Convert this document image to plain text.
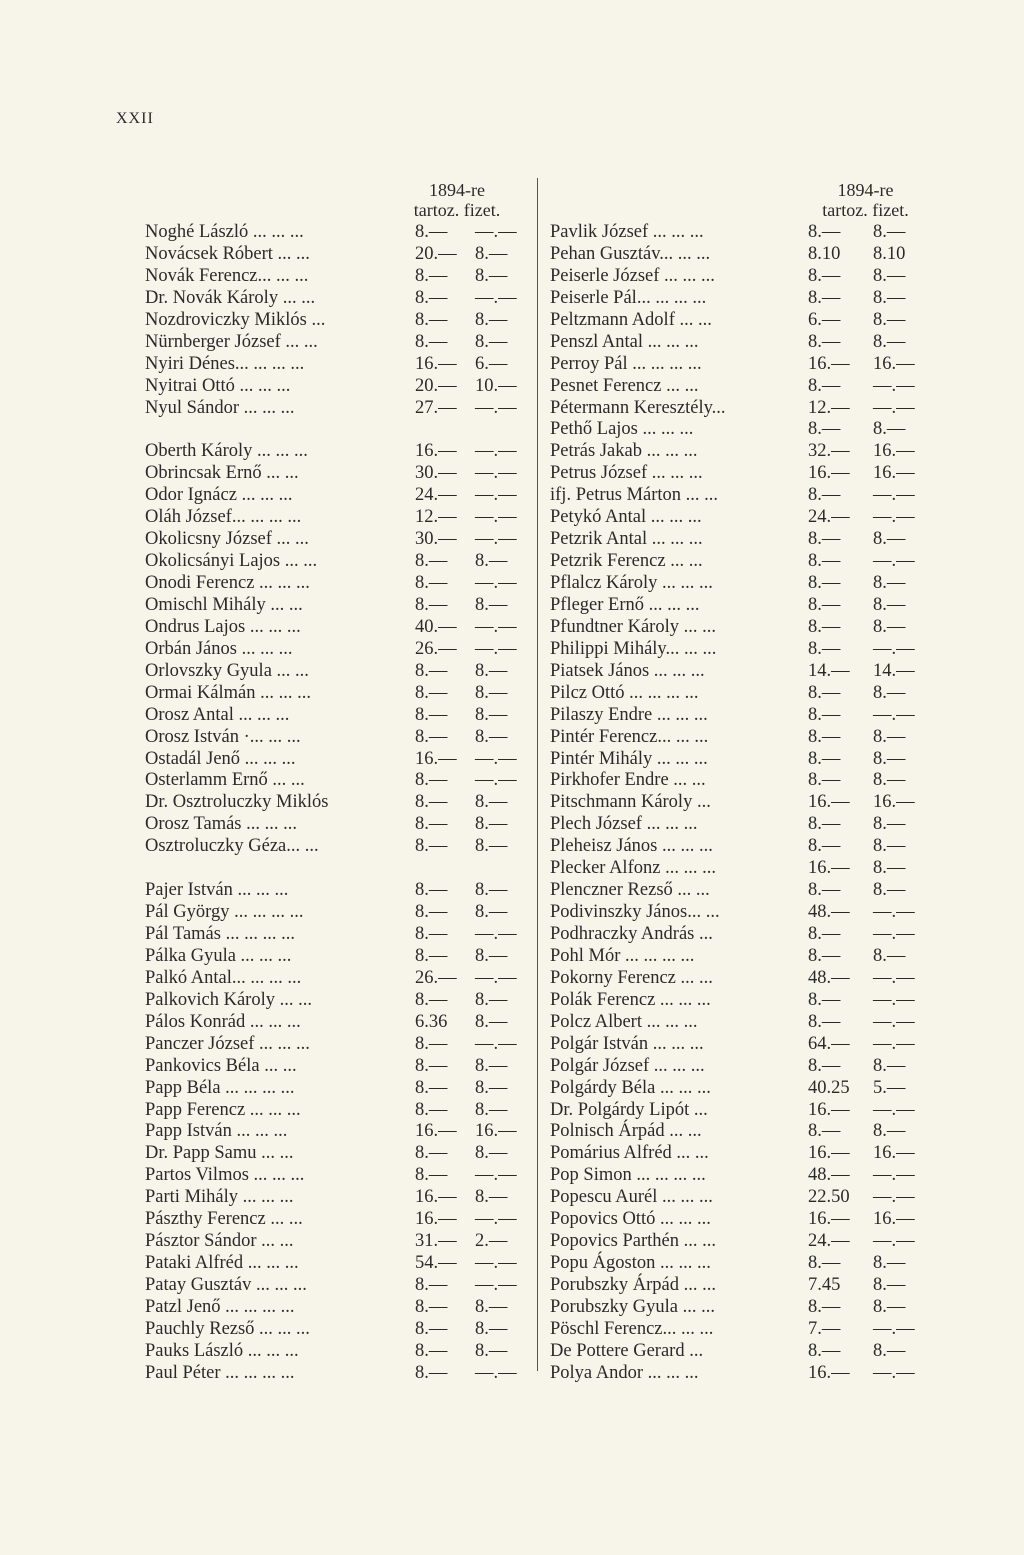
XXII
1894-re
tartoz. fizet.
Noghé László ... ... ...	8.— —.—
Novácsek Róbert ... ...	20.— 8.—
Novák Ferencz... ... ...	8.— 8.—
Dr. Novák Károly ... ...	8.— —.—
Nozdroviczky Miklós ...	8.— 8.—
Nürnberger József ... ...	8.— 8.—
Nyiri Dénes... ... ... ...	16.— 6.—
Nyitrai Ottó ... ... ...	20.— 10.—
Nyul Sándor ... ... ...	27.— —.—
Oberth Károly ... ... ...	16.— —.—
Obrincsak Ernő ... ...	30.— —.—
Odor Ignácz ... ... ...	24.— —.—
Oláh József... ... ... ...	12.— —.—
Okolicsny József ... ...	30.— —.—
Okolicsányi Lajos ... ...	8.— 8.—
Onodi Ferencz ... ... ...	8.— —.—
Omischl Mihály ... ...	8.— 8.—
Ondrus Lajos ... ... ...	40.— —.—
Orbán János ... ... ...	26.— —.—
Orlovszky Gyula ... ...	8.— 8.—
Ormai Kálmán ... ... ...	8.— 8.—
Orosz Antal ... ... ...	8.— 8.—
Orosz István ·... ... ...	8.— 8.—
Ostadál Jenő ... ... ...	16.— —.—
Osterlamm Ernő ... ...	8.— —.—
Dr. Osztroluczky Miklós	8.— 8.—
Orosz Tamás ... ... ...	8.— 8.—
Osztroluczky Géza... ...	8.— 8.—
Pajer István ... ... ...	8.— 8.—
Pál György ... ... ... ...	8.— 8.—
Pál Tamás ... ... ... ...	8.— —.—
Pálka Gyula ... ... ...	8.— 8.—
Palkó Antal... ... ... ...	26.— —.—
Palkovich Károly ... ...	8.— 8.—
Pálos Konrád ... ... ...	6.36 8.—
Panczer József ... ... ...	8.— —.—
Pankovics Béla ... ...	8.— 8.—
Papp Béla ... ... ... ...	8.— 8.—
Papp Ferencz ... ... ...	8.— 8.—
Papp István ... ... ...	16.— 16.—
Dr. Papp Samu ... ...	8.— 8.—
Partos Vilmos ... ... ...	8.— —.—
Parti Mihály ... ... ...	16.— 8.—
Pászthy Ferencz ... ...	16.— —.—
Pásztor Sándor ... ...	31.— 2.—
Pataki Alfréd ... ... ...	54.— —.—
Patay Gusztáv ... ... ...	8.— —.—
Patzl Jenő ... ... ... ...	8.— 8.—
Pauchly Rezső ... ... ...	8.— 8.—
Pauks László ... ... ...	8.— 8.—
Paul Péter ... ... ... ...	8.— —.—
1894-re
tartoz. fizet.
Pavlik József ... ... ...	8.— 8.—
Pehan Gusztáv... ... ...	8.10 8.10
Peiserle József ... ... ...	8.— 8.—
Peiserle Pál... ... ... ...	8.— 8.—
Peltzmann Adolf ... ...	6.— 8.—
Penszl Antal ... ... ...	8.— 8.—
Perroy Pál ... ... ... ...	16.— 16.—
Pesnet Ferencz ... ...	8.— —.—
Pétermann Keresztély...	12.— —.—
Pethő Lajos ... ... ...	8.— 8.—
Petrás Jakab ... ... ...	32.— 16.—
Petrus József ... ... ...	16.— 16.—
ifj. Petrus Márton ... ...	8.— —.—
Petykó Antal ... ... ...	24.— —.—
Petzrik Antal ... ... ...	8.— 8.—
Petzrik Ferencz ... ...	8.— —.—
Pflalcz Károly ... ... ...	8.— 8.—
Pfleger Ernő ... ... ...	8.— 8.—
Pfundtner Károly ... ...	8.— 8.—
Philippi Mihály... ... ...	8.— —.—
Piatsek János ... ... ...	14.— 14.—
Pilcz Ottó ... ... ... ...	8.— 8.—
Pilaszy Endre ... ... ...	8.— —.—
Pintér Ferencz... ... ...	8.— 8.—
Pintér Mihály ... ... ...	8.— 8.—
Pirkhofer Endre ... ...	8.— 8.—
Pitschmann Károly ...	16.— 16.—
Plech József ... ... ...	8.— 8.—
Pleheisz János ... ... ...	8.— 8.—
Plecker Alfonz ... ... ...	16.— 8.—
Plenczner Rezső ... ...	8.— 8.—
Podivinszky János... ...	48.— —.—
Podhraczky András ...	8.— —.—
Pohl Mór ... ... ... ...	8.— 8.—
Pokorny Ferencz ... ...	48.— —.—
Polák Ferencz ... ... ...	8.— —.—
Polcz Albert ... ... ...	8.— —.—
Polgár István ... ... ...	64.— —.—
Polgár József ... ... ...	8.— 8.—
Polgárdy Béla ... ... ...	40.25 5.—
Dr. Polgárdy Lipót ...	16.— —.—
Polnisch Árpád ... ...	8.— 8.—
Pomárius Alfréd ... ...	16.— 16.—
Pop Simon ... ... ... ...	48.— —.—
Popescu Aurél ... ... ...	22.50 —.—
Popovics Ottó ... ... ...	16.— 16.—
Popovics Parthén ... ...	24.— —.—
Popu Ágoston ... ... ...	8.— 8.—
Porubszky Árpád ... ...	7.45 8.—
Porubszky Gyula ... ...	8.— 8.—
Pöschl Ferencz... ... ...	7.— —.—
De Pottere Gerard ...	8.— 8.—
Polya Andor ... ... ...	16.— —.—
